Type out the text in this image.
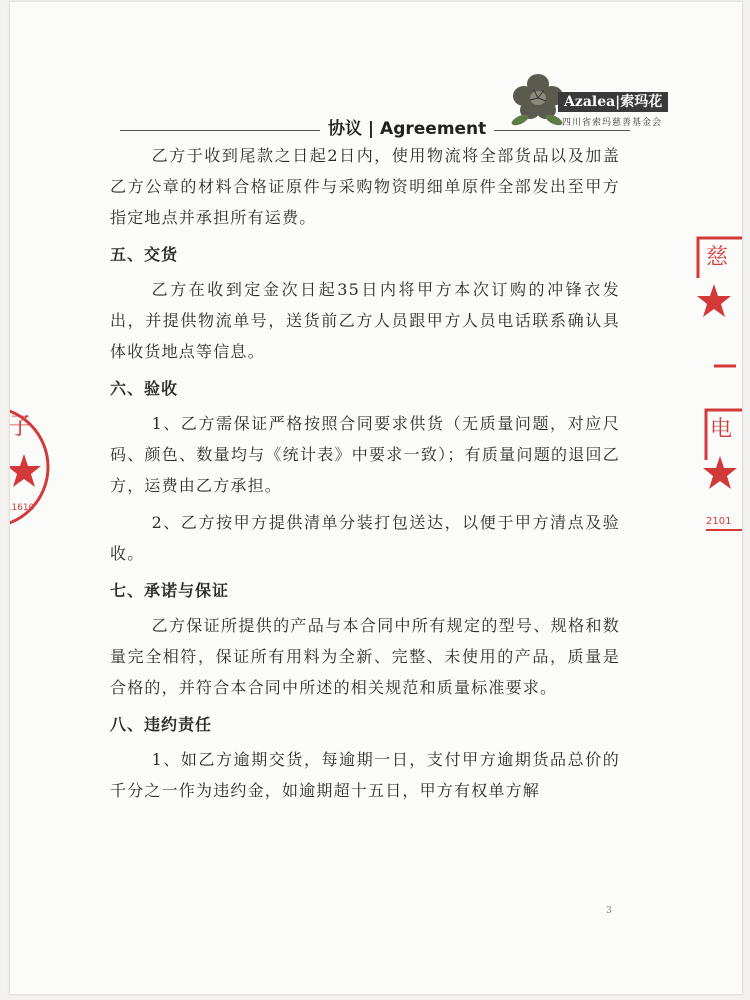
协议 | Agreement
Azalea|索玛花
四川省索玛慈善基金会

乙方于收到尾款之日起2日内，使用物流将全部货品以及加盖乙方公章的材料合格证原件与采购物资明细单原件全部发出至甲方指定地点并承担所有运费。

五、交货

乙方在收到定金次日起35日内将甲方本次订购的冲锋衣发出，并提供物流单号，送货前乙方人员跟甲方人员电话联系确认具体收货地点等信息。

六、验收

1、乙方需保证严格按照合同要求供货（无质量问题，对应尺码、颜色、数量均与《统计表》中要求一致）；有质量问题的退回乙方，运费由乙方承担。

2、乙方按甲方提供清单分装打包送达，以便于甲方清点及验收。

七、承诺与保证

乙方保证所提供的产品与本合同中所有规定的型号、规格和数量完全相符，保证所有用料为全新、完整、未使用的产品，质量是合格的，并符合本合同中所述的相关规范和质量标准要求。

八、违约责任

1、如乙方逾期交货，每逾期一日，支付甲方逾期货品总价的千分之一作为违约金，如逾期超十五日，甲方有权单方解

3
子
011610
慈
电
2101
